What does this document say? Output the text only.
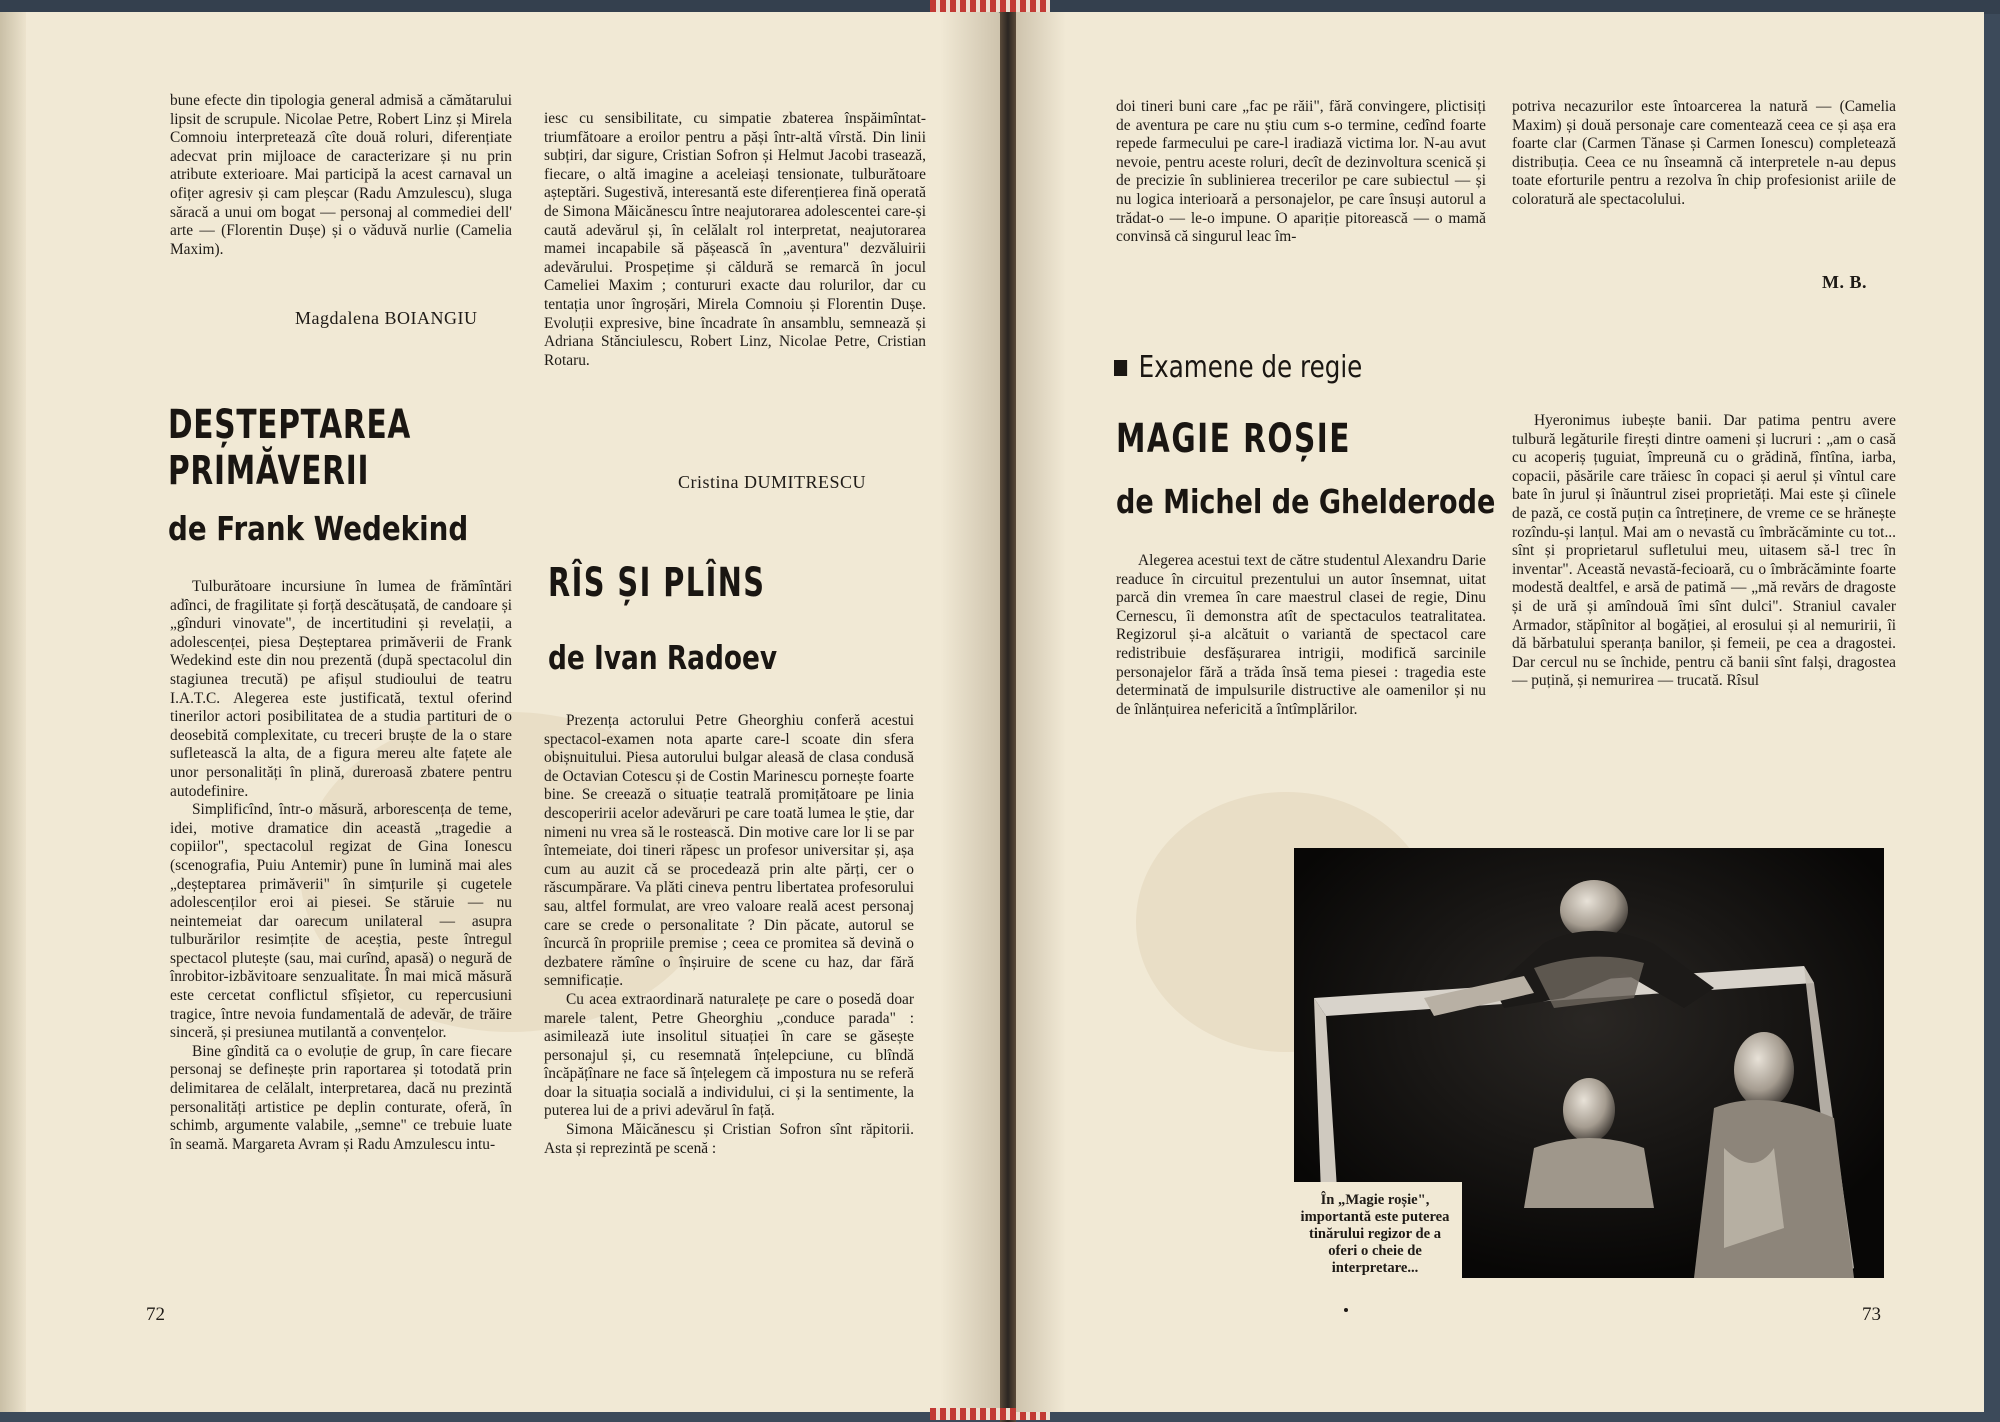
bune efecte din tipologia general admisă a cămătarului lipsit de scrupule. Nicolae Petre, Robert Linz și Mirela Comnoiu interpretează cîte două roluri, diferențiate adecvat prin mijloace de caracterizare și nu prin atribute exterioare. Mai participă la acest carnaval un ofițer agresiv și cam pleșcar (Radu Amzulescu), sluga săracă a unui om bogat — personaj al commediei dell' arte — (Florentin Dușe) și o văduvă nurlie (Camelia Maxim).

Magdalena BOIANGIU
DEȘTEPTAREA
PRIMĂVERII
de Frank Wedekind

Tulburătoare incursiune în lumea de frămîntări adînci, de fragilitate și forță descătușată, de candoare și „gînduri vinovate", de incertitudini și revelații, a adolescenței, piesa Deșteptarea primăverii de Frank Wedekind este din nou prezentă (după spectacolul din stagiunea trecută) pe afișul studioului de teatru I.A.T.C. Alegerea este justificată, textul oferind tinerilor actori posibilitatea de a studia partituri de o deosebită complexitate, cu treceri bruște de la o stare sufletească la alta, de a figura mereu alte fațete ale unor personalități în plină, dureroasă zbatere pentru autodefinire.

Simplificînd, într-o măsură, arborescența de teme, idei, motive dramatice din această „tragedie a copiilor", spectacolul regizat de Gina Ionescu (scenografia, Puiu Antemir) pune în lumină mai ales „deșteptarea primăverii" în simțurile și cugetele adolescenților eroi ai piesei. Se stăruie — nu neintemeiat dar oarecum unilateral — asupra tulburărilor resimțite de aceștia, peste întregul spectacol plutește (sau, mai curînd, apasă) o negură de înrobitor-izbăvitoare senzualitate. În mai mică măsură este cercetat conflictul sfîșietor, cu repercusiuni tragice, între nevoia fundamentală de adevăr, de trăire sinceră, și presiunea mutilantă a convențelor.

Bine gîndită ca o evoluție de grup, în care fiecare personaj se definește prin raportarea și totodată prin delimitarea de celălalt, interpretarea, dacă nu prezintă personalități artistice pe deplin conturate, oferă, în schimb, argumente valabile, „semne" ce trebuie luate în seamă. Margareta Avram și Radu Amzulescu intu-

iesc cu sensibilitate, cu simpatie zbaterea înspăimîntat-triumfătoare a eroilor pentru a păși într-altă vîrstă. Din linii subțiri, dar sigure, Cristian Sofron și Helmut Jacobi trasează, fiecare, o altă imagine a aceleiași tensionate, tulburătoare așteptări. Sugestivă, interesantă este diferențierea fină operată de Simona Măicănescu între neajutorarea adolescentei care-și caută adevărul și, în celălalt rol interpretat, neajutorarea mamei incapabile să pășească în „aventura" dezvăluirii adevărului. Prospețime și căldură se remarcă în jocul Cameliei Maxim ; contururi exacte dau rolurilor, dar cu tentația unor îngroșări, Mirela Comnoiu și Florentin Dușe. Evoluții expresive, bine încadrate în ansamblu, semnează și Adriana Stănciulescu, Robert Linz, Nicolae Petre, Cristian Rotaru.

Cristina DUMITRESCU
RÎS ȘI PLÎNS
de Ivan Radoev

Prezența actorului Petre Gheorghiu conferă acestui spectacol-examen nota aparte care-l scoate din sfera obișnuitului. Piesa autorului bulgar aleasă de clasa condusă de Octavian Cotescu și de Costin Marinescu pornește foarte bine. Se creează o situație teatrală promițătoare pe linia descoperirii acelor adevăruri pe care toată lumea le știe, dar nimeni nu vrea să le rostească. Din motive care lor li se par întemeiate, doi tineri răpesc un profesor universitar și, așa cum au auzit că se procedează prin alte părți, cer o răscumpărare. Va plăti cineva pentru libertatea profesorului sau, altfel formulat, are vreo valoare reală acest personaj care se crede o personalitate ? Din păcate, autorul se încurcă în propriile premise ; ceea ce promitea să devină o dezbatere rămîne o înșiruire de scene cu haz, dar fără semnificație.

Cu acea extraordinară naturalețe pe care o posedă doar marele talent, Petre Gheorghiu „conduce parada" : asimilează iute insolitul situației în care se găsește personajul și, cu resemnată înțelepciune, cu blîndă încăpățînare ne face să înțelegem că impostura nu se referă doar la situația socială a individului, ci și la sentimente, la puterea lui de a privi adevărul în față.

Simona Măicănescu și Cristian Sofron sînt răpitorii. Asta și reprezintă pe scenă :

72

doi tineri buni care „fac pe răii", fără convingere, plictisiți de aventura pe care nu știu cum s-o termine, cedînd foarte repede farmecului pe care-l iradiază victima lor. N-au avut nevoie, pentru aceste roluri, decît de dezinvoltura scenică și de precizie în sublinierea trecerilor pe care subiectul — și nu logica interioară a personajelor, pe care însuși autorul a trădat-o — le-o impune. O apariție pitorească — o mamă convinsă că singurul leac îm-

potriva necazurilor este întoarcerea la natură — (Camelia Maxim) și două personaje care comentează ceea ce și așa era foarte clar (Carmen Tănase și Carmen Ionescu) completează distribuția. Ceea ce nu înseamnă că interpretele n-au depus toate eforturile pentru a rezolva în chip profesionist ariile de coloratură ale spectacolului.

M. B.
Examene de regie
MAGIE ROȘIE
de Michel de Ghelderode

Alegerea acestui text de către studentul Alexandru Darie readuce în circuitul prezentului un autor însemnat, uitat parcă din vremea în care maestrul clasei de regie, Dinu Cernescu, îi demonstra atît de spectaculos teatralitatea. Regizorul și-a alcătuit o variantă de spectacol care redistribuie desfășurarea intrigii, modifică sarcinile personajelor fără a trăda însă tema piesei : tragedia este determinată de impulsurile distructive ale oamenilor și nu de înlănțuirea nefericită a întîmplărilor.

Hyeronimus iubește banii. Dar patima pentru avere tulbură legăturile firești dintre oameni și lucruri : „am o casă cu acoperiș țuguiat, împreună cu o grădină, fîntîna, iarba, copacii, păsările care trăiesc în copaci și aerul și vîntul care bate în jurul și înăuntrul zisei proprietăți. Mai este și cîinele de pază, ce costă puțin ca întreținere, de vreme ce se hrănește rozîndu-și lanțul. Mai am o nevastă cu îmbrăcăminte cu tot... sînt și proprietarul sufletului meu, uitasem să-l trec în inventar". Această nevastă-fecioară, cu o îmbrăcăminte foarte modestă dealtfel, e arsă de patimă — „mă revărs de dragoste și de ură și amîndouă îmi sînt dulci". Straniul cavaler Armador, stăpînitor al bogăției, al erosului și al nemuririi, îi dă bărbatului speranța banilor, și femeii, pe cea a dragostei. Dar cercul nu se închide, pentru că banii sînt falși, dragostea — puțină, și nemurirea — trucată. Rîsul

În „Magie roșie", importantă este puterea tinărului regizor de a oferi o cheie de interpretare...
73
